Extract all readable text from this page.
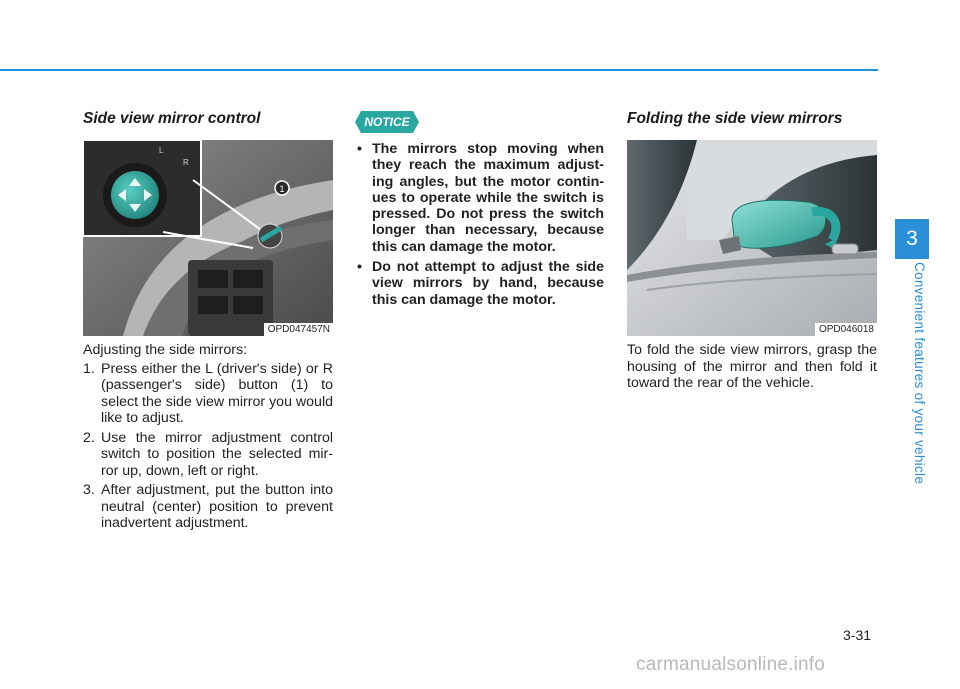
Side view mirror control
L
R
1
OPD047457N
Adjusting the side mirrors:
1. Press either the L (driver's side) or R (passenger's side) button (1) to select the side view mirror you would like to adjust.
2. Use the mirror adjustment control switch to position the selected mir-ror up, down, left or right.
3. After adjustment, put the button into neutral (center) position to prevent inadvertent adjustment.
NOTICE
• The mirrors stop moving when they reach the maximum adjust-ing angles, but the motor contin-ues to operate while the switch is pressed. Do not press the switch longer than necessary, because this can damage the motor.
• Do not attempt to adjust the side view mirrors by hand, because this can damage the motor.
Folding the side view mirrors
OPD046018
To fold the side view mirrors, grasp the housing of the mirror and then fold it toward the rear of the vehicle.
3
Convenient features of your vehicle
3-31
carmanualsonline.info
